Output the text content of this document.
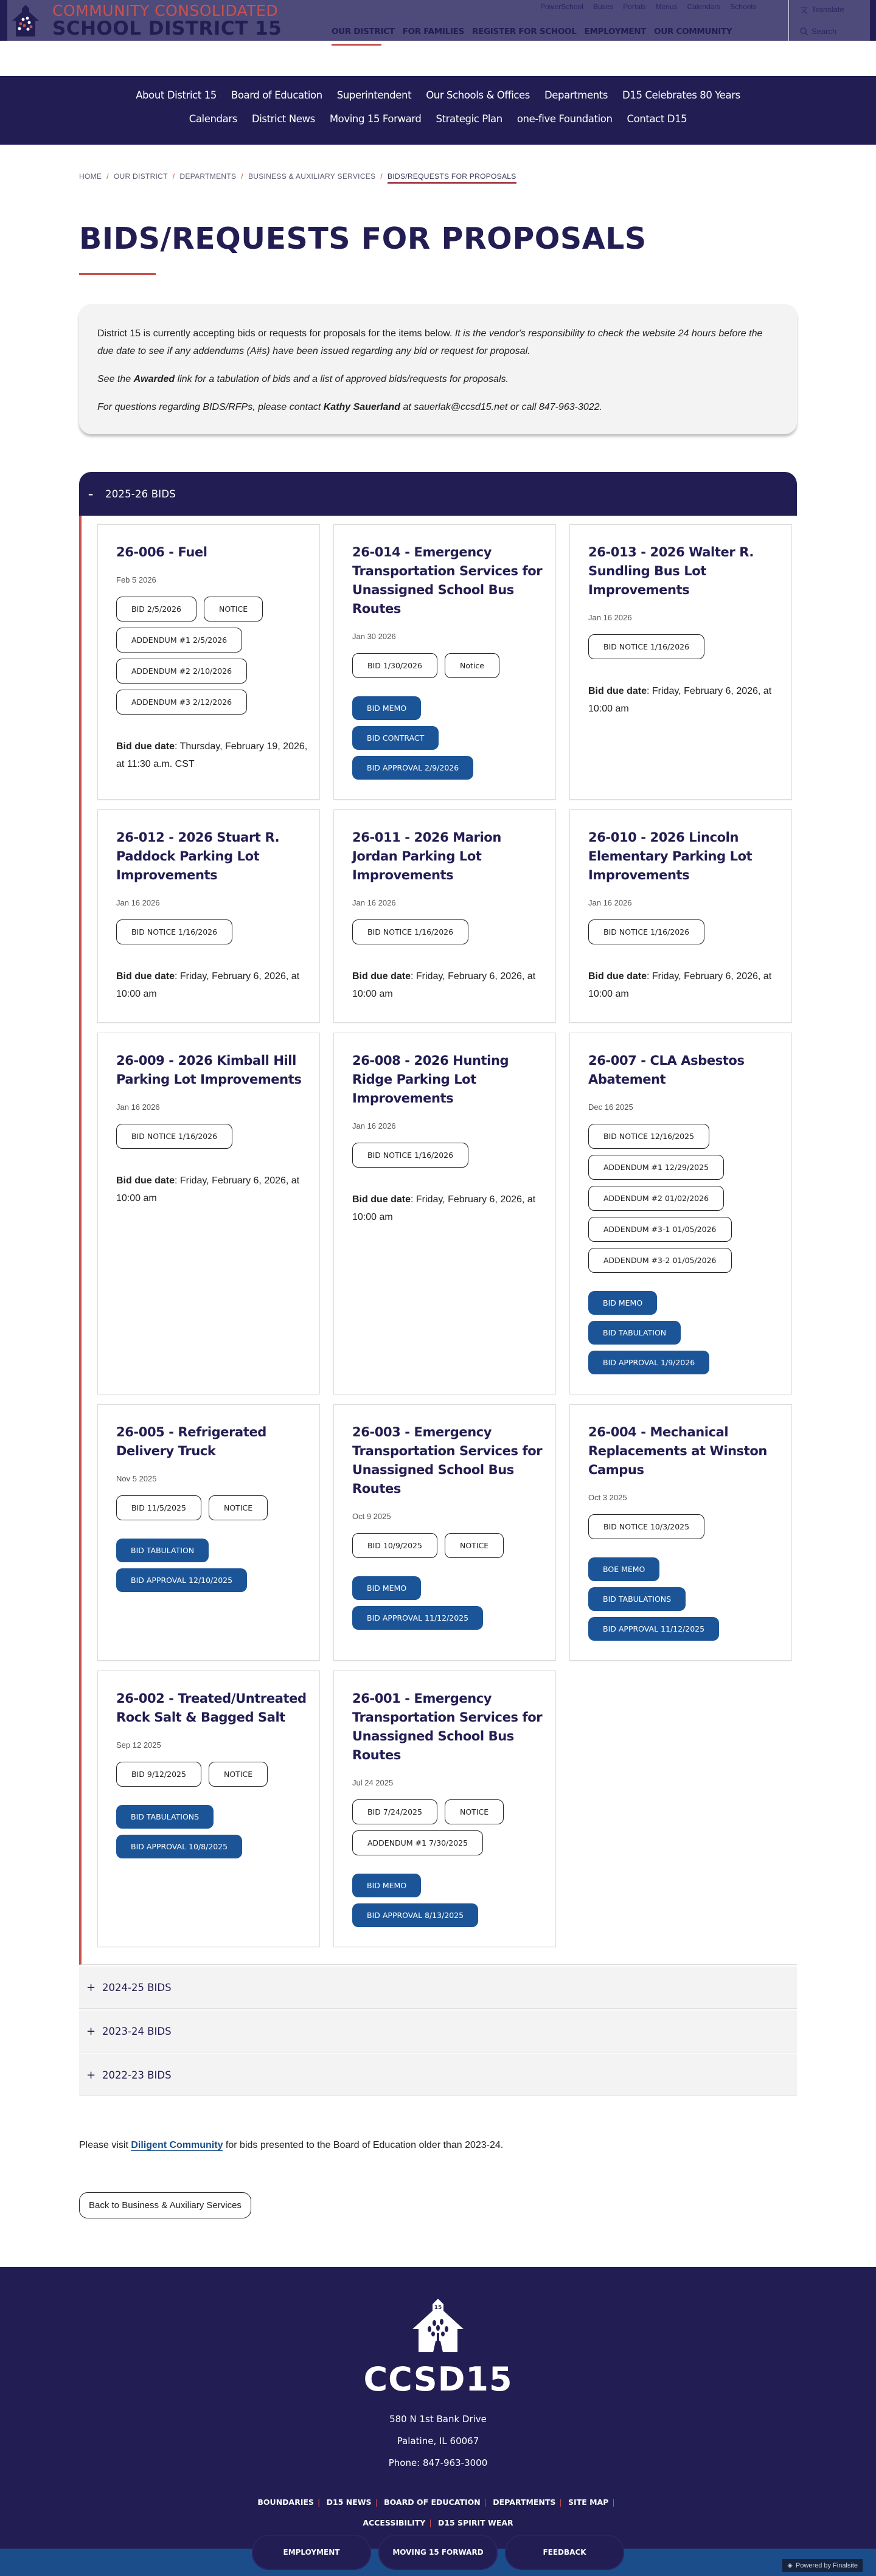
COMMUNITY CONSOLIDATED
SCHOOL DISTRICT 15
PowerSchool Buses Portals Menus Calendars Schools
OUR DISTRICT FOR FAMILIES REGISTER FOR SCHOOL EMPLOYMENT OUR COMMUNITY
文 Translate
Search
About District 15 Board of Education Superintendent Our Schools & Offices Departments D15 Celebrates 80 Years
Calendars District News Moving 15 Forward Strategic Plan one-five Foundation Contact D15
HOME / OUR DISTRICT / DEPARTMENTS / BUSINESS & AUXILIARY SERVICES / BIDS/REQUESTS FOR PROPOSALS
BIDS/REQUESTS FOR PROPOSALS

District 15 is currently accepting bids or requests for proposals for the items below. It is the vendor's responsibility to check the website 24 hours before the due date to see if any addendums (A#s) have been issued regarding any bid or request for proposal.

See the Awarded link for a tabulation of bids and a list of approved bids/requests for proposals.

For questions regarding BIDS/RFPs, please contact Kathy Sauerland at sauerlak@ccsd15.net or call 847-963-3022.

–	2025-26 BIDS
26-006 - Fuel
Feb 5 2026
BID 2/5/2026	NOTICE
ADDENDUM #1 2/5/2026
ADDENDUM #2 2/10/2026
ADDENDUM #3 2/12/2026

Bid due date: Thursday, February 19, 2026, at 11:30 a.m. CST

26-014 - Emergency Transportation Services for Unassigned School Bus Routes
Jan 30 2026
BID 1/30/2026	Notice
BID MEMO
BID CONTRACT
BID APPROVAL 2/9/2026
26-013 - 2026 Walter R. Sundling Bus Lot Improvements
Jan 16 2026
BID NOTICE 1/16/2026

Bid due date: Friday, February 6, 2026, at 10:00 am

26-012 - 2026 Stuart R. Paddock Parking Lot Improvements
Jan 16 2026
BID NOTICE 1/16/2026

Bid due date: Friday, February 6, 2026, at 10:00 am

26-011 - 2026 Marion Jordan Parking Lot Improvements
Jan 16 2026
BID NOTICE 1/16/2026

Bid due date: Friday, February 6, 2026, at 10:00 am

26-010 - 2026 Lincoln Elementary Parking Lot Improvements
Jan 16 2026
BID NOTICE 1/16/2026

Bid due date: Friday, February 6, 2026, at 10:00 am

26-009 - 2026 Kimball Hill Parking Lot Improvements
Jan 16 2026
BID NOTICE 1/16/2026

Bid due date: Friday, February 6, 2026, at 10:00 am

26-008 - 2026 Hunting Ridge Parking Lot Improvements
Jan 16 2026
BID NOTICE 1/16/2026

Bid due date: Friday, February 6, 2026, at 10:00 am

26-007 - CLA Asbestos Abatement
Dec 16 2025
BID NOTICE 12/16/2025
ADDENDUM #1 12/29/2025
ADDENDUM #2 01/02/2026
ADDENDUM #3-1 01/05/2026
ADDENDUM #3-2 01/05/2026
BID MEMO
BID TABULATION
BID APPROVAL 1/9/2026
26-005 - Refrigerated Delivery Truck
Nov 5 2025
BID 11/5/2025	NOTICE
BID TABULATION
BID APPROVAL 12/10/2025
26-003 - Emergency Transportation Services for Unassigned School Bus Routes
Oct 9 2025
BID 10/9/2025	NOTICE
BID MEMO
BID APPROVAL 11/12/2025
26-004 - Mechanical Replacements at Winston Campus
Oct 3 2025
BID NOTICE 10/3/2025
BOE MEMO
BID TABULATIONS
BID APPROVAL 11/12/2025
26-002 - Treated/Untreated Rock Salt & Bagged Salt
Sep 12 2025
BID 9/12/2025	NOTICE
BID TABULATIONS
BID APPROVAL 10/8/2025
26-001 - Emergency Transportation Services for Unassigned School Bus Routes
Jul 24 2025
BID 7/24/2025	NOTICE
ADDENDUM #1 7/30/2025
BID MEMO
BID APPROVAL 8/13/2025
+ 2024-25 BIDS
+ 2023-24 BIDS
+ 2022-23 BIDS

Please visit Diligent Community for bids presented to the Board of Education older than 2023-24.

Back to Business & Auxiliary Services
15
CCSD15
580 N 1st Bank Drive
Palatine, IL 60067
Phone: 847-963-3000
BOUNDARIES | D15 NEWS | BOARD OF EDUCATION | DEPARTMENTS | SITE MAP |
ACCESSIBILITY | D15 SPIRIT WEAR
EMPLOYMENT	MOVING 15 FORWARD	FEEDBACK
◈ Powered by Finalsite
